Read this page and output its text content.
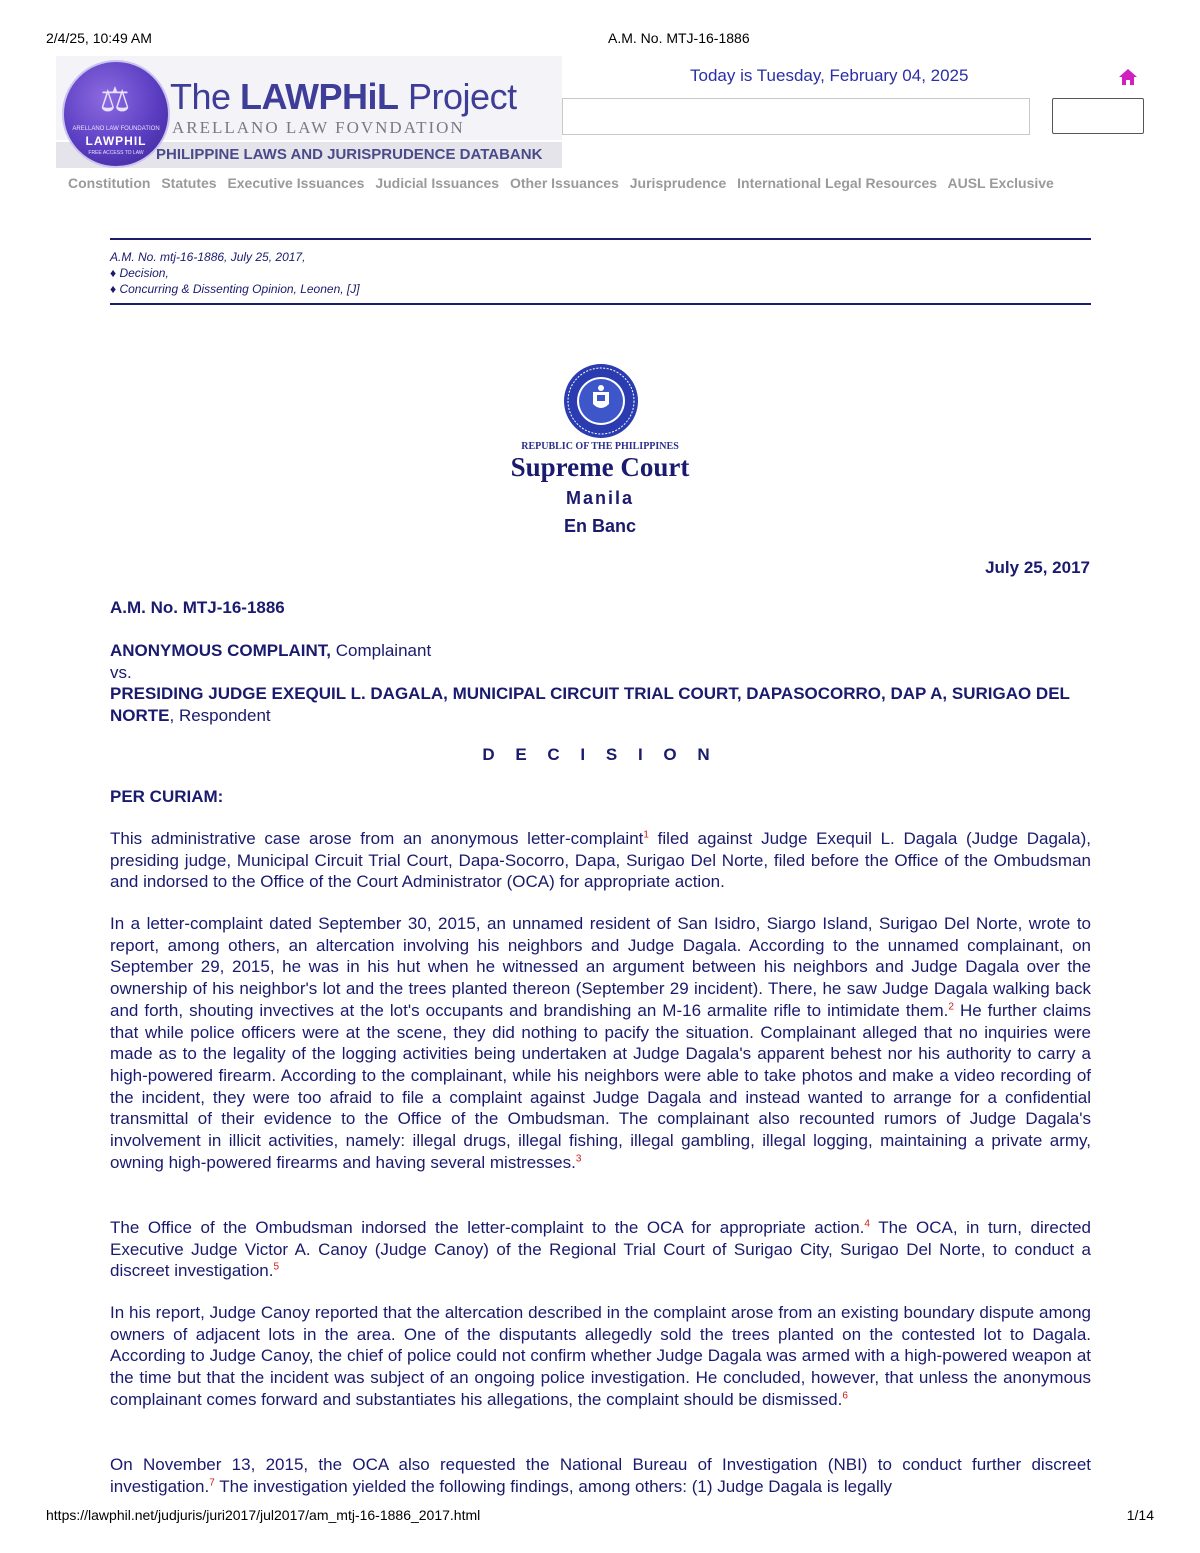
2/4/25, 10:49 AM	A.M. No. MTJ-16-1886
⚖
ARELLANO LAW FOUNDATION
LAWPHIL
FREE ACCESS TO LAW
The LAWPHiL Project
ARELLANO LAW FOVNDATION
PHILIPPINE LAWS AND JURISPRUDENCE DATABANK
Today is Tuesday, February 04, 2025
Constitution Statutes Executive Issuances Judicial Issuances Other Issuances Jurisprudence International Legal Resources AUSL Exclusive
A.M. No. mtj-16-1886, July 25, 2017,
♦ Decision,
♦ Concurring & Dissenting Opinion, Leonen, [J]
REPUBLIC OF THE PHILIPPINES
Supreme Court
Manila
En Banc
July 25, 2017
A.M. No. MTJ-16-1886
ANONYMOUS COMPLAINT, Complainant
vs.
PRESIDING JUDGE EXEQUIL L. DAGALA, MUNICIPAL CIRCUIT TRIAL COURT, DAPASOCORRO, DAP A, SURIGAO DEL NORTE, Respondent
D E C I S I O N
PER CURIAM:

This administrative case arose from an anonymous letter-complaint$^1$ filed against Judge Exequil L. Dagala (Judge Dagala), presiding judge, Municipal Circuit Trial Court, Dapa-Socorro, Dapa, Surigao Del Norte, filed before the Office of the Ombudsman and indorsed to the Office of the Court Administrator (OCA) for appropriate action.

In a letter-complaint dated September 30, 2015, an unnamed resident of San Isidro, Siargo Island, Surigao Del Norte, wrote to report, among others, an altercation involving his neighbors and Judge Dagala. According to the unnamed complainant, on September 29, 2015, he was in his hut when he witnessed an argument between his neighbors and Judge Dagala over the ownership of his neighbor's lot and the trees planted thereon (September 29 incident). There, he saw Judge Dagala walking back and forth, shouting invectives at the lot's occupants and brandishing an M-16 armalite rifle to intimidate them.$^2$ He further claims that while police officers were at the scene, they did nothing to pacify the situation. Complainant alleged that no inquiries were made as to the legality of the logging activities being undertaken at Judge Dagala's apparent behest nor his authority to carry a high-powered firearm. According to the complainant, while his neighbors were able to take photos and make a video recording of the incident, they were too afraid to file a complaint against Judge Dagala and instead wanted to arrange for a confidential transmittal of their evidence to the Office of the Ombudsman. The complainant also recounted rumors of Judge Dagala's involvement in illicit activities, namely: illegal drugs, illegal fishing, illegal gambling, illegal logging, maintaining a private army, owning high-powered firearms and having several mistresses.$^3$

The Office of the Ombudsman indorsed the letter-complaint to the OCA for appropriate action.$^4$ The OCA, in turn, directed Executive Judge Victor A. Canoy (Judge Canoy) of the Regional Trial Court of Surigao City, Surigao Del Norte, to conduct a discreet investigation.$^5$

In his report, Judge Canoy reported that the altercation described in the complaint arose from an existing boundary dispute among owners of adjacent lots in the area. One of the disputants allegedly sold the trees planted on the contested lot to Dagala. According to Judge Canoy, the chief of police could not confirm whether Judge Dagala was armed with a high-powered weapon at the time but that the incident was subject of an ongoing police investigation. He concluded, however, that unless the anonymous complainant comes forward and substantiates his allegations, the complaint should be dismissed.$^6$

On November 13, 2015, the OCA also requested the National Bureau of Investigation (NBI) to conduct further discreet investigation.$^7$ The investigation yielded the following findings, among others: (1) Judge Dagala is legally

https://lawphil.net/judjuris/juri2017/jul2017/am_mtj-16-1886_2017.html	1/14
